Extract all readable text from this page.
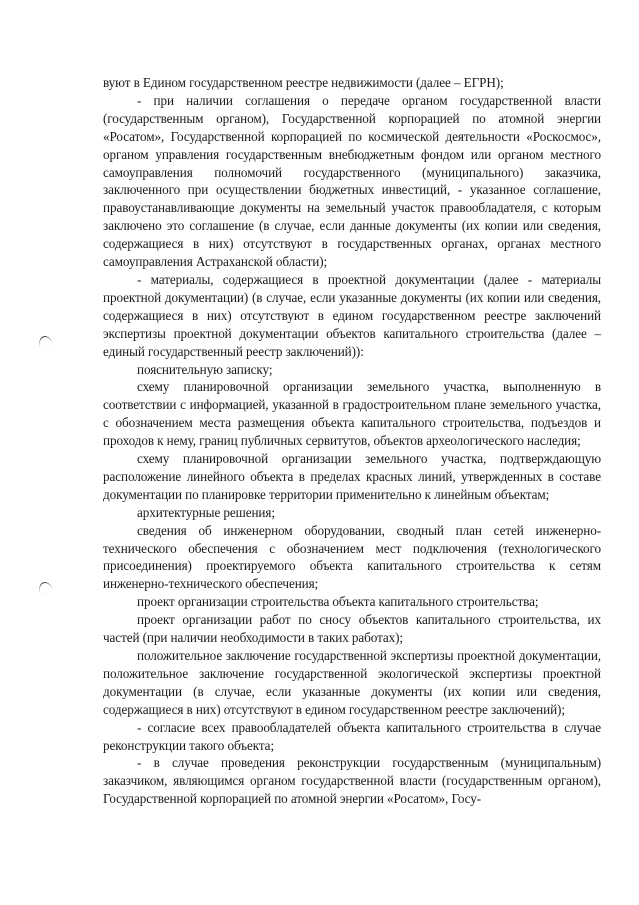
вуют в Едином государственном реестре недвижимости (далее – ЕГРН);

- при наличии соглашения о передаче органом государственной власти (государственным органом), Государственной корпорацией по атомной энергии «Росатом», Государственной корпорацией по космической деятельности «Роскосмос», органом управления государственным внебюджетным фондом или органом местного самоуправления полномочий государственного (муниципального) заказчика, заключенного при осуществлении бюджетных инвестиций, - указанное соглашение, правоустанавливающие документы на земельный участок правообладателя, с которым заключено это соглашение (в случае, если данные документы (их копии или сведения, содержащиеся в них) отсутствуют в государственных органах, органах местного самоуправления Астраханской области);

- материалы, содержащиеся в проектной документации (далее - материалы проектной документации) (в случае, если указанные документы (их копии или сведения, содержащиеся в них) отсутствуют в едином государственном реестре заключений экспертизы проектной документации объектов капитального строительства (далее – единый государственный реестр заключений)):

пояснительную записку;

схему планировочной организации земельного участка, выполненную в соответствии с информацией, указанной в градостроительном плане земельного участка, с обозначением места размещения объекта капитального строительства, подъездов и проходов к нему, границ публичных сервитутов, объектов археологического наследия;

схему планировочной организации земельного участка, подтверждающую расположение линейного объекта в пределах красных линий, утвержденных в составе документации по планировке территории применительно к линейным объектам;

архитектурные решения;

сведения об инженерном оборудовании, сводный план сетей инженерно-технического обеспечения с обозначением мест подключения (технологического присоединения) проектируемого объекта капитального строительства к сетям инженерно-технического обеспечения;

проект организации строительства объекта капитального строительства;

проект организации работ по сносу объектов капитального строительства, их частей (при наличии необходимости в таких работах);

положительное заключение государственной экспертизы проектной документации, положительное заключение государственной экологической экспертизы проектной документации (в случае, если указанные документы (их копии или сведения, содержащиеся в них) отсутствуют в едином государственном реестре заключений);

- согласие всех правообладателей объекта капитального строительства в случае реконструкции такого объекта;

- в случае проведения реконструкции государственным (муниципальным) заказчиком, являющимся органом государственной власти (государственным органом), Государственной корпорацией по атомной энергии «Росатом», Госу-
